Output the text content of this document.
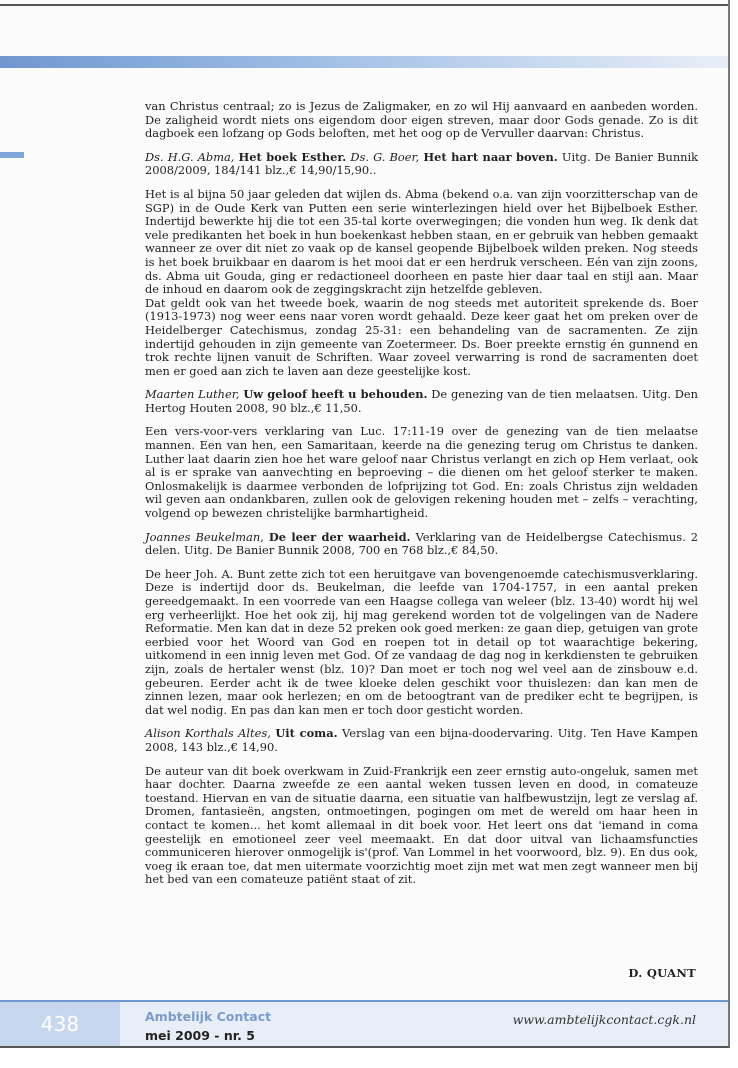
van Christus centraal; zo is Jezus de Zaligmaker, en zo wil Hij aanvaard en aanbeden worden. De zaligheid wordt niets ons eigendom door eigen streven, maar door Gods genade. Zo is dit dagboek een lofzang op Gods beloften, met het oog op de Vervuller daarvan: Christus.

Ds. H.G. Abma, Het boek Esther. Ds. G. Boer, Het hart naar boven. Uitg. De Banier Bunnik 2008/2009, 184/141 blz.,€ 14,90/15,90..

Het is al bijna 50 jaar geleden dat wijlen ds. Abma (bekend o.a. van zijn voorzitterschap van de SGP) in de Oude Kerk van Putten een serie winterlezingen hield over het Bijbelboek Esther. Indertijd bewerkte hij die tot een 35-tal korte overwegingen; die vonden hun weg. Ik denk dat vele predikanten het boek in hun boekenkast hebben staan, en er gebruik van hebben gemaakt wanneer ze over dit niet zo vaak op de kansel geopende Bijbelboek wilden preken. Nog steeds is het boek bruikbaar en daarom is het mooi dat er een herdruk verscheen. Eén van zijn zoons, ds. Abma uit Gouda, ging er redactioneel doorheen en paste hier daar taal en stijl aan. Maar de inhoud en daarom ook de zeggingskracht zijn hetzelfde gebleven.

Dat geldt ook van het tweede boek, waarin de nog steeds met autoriteit sprekende ds. Boer (1913-1973) nog weer eens naar voren wordt gehaald. Deze keer gaat het om preken over de Heidelberger Catechismus, zondag 25-31: een behandeling van de sacramenten. Ze zijn indertijd gehouden in zijn gemeente van Zoetermeer. Ds. Boer preekte ernstig én gunnend en trok rechte lijnen vanuit de Schriften. Waar zoveel verwarring is rond de sacramenten doet men er goed aan zich te laven aan deze geestelijke kost.

Maarten Luther, Uw geloof heeft u behouden. De genezing van de tien melaatsen. Uitg. Den Hertog Houten 2008, 90 blz.,€ 11,50.

Een vers-voor-vers verklaring van Luc. 17:11-19 over de genezing van de tien melaatse mannen. Een van hen, een Samaritaan, keerde na die genezing terug om Christus te danken. Luther laat daarin zien hoe het ware geloof naar Christus verlangt en zich op Hem verlaat, ook al is er sprake van aanvechting en beproeving – die dienen om het geloof sterker te maken. Onlosmakelijk is daarmee verbonden de lofprijzing tot God. En: zoals Christus zijn weldaden wil geven aan ondankbaren, zullen ook de gelovigen rekening houden met – zelfs – verachting, volgend op bewezen christelijke barmhartigheid.

Joannes Beukelman, De leer der waarheid. Verklaring van de Heidelbergse Catechismus. 2 delen. Uitg. De Banier Bunnik 2008, 700 en 768 blz.,€ 84,50.

De heer Joh. A. Bunt zette zich tot een heruitgave van bovengenoemde catechismusverklaring. Deze is indertijd door ds. Beukelman, die leefde van 1704-1757, in een aantal preken gereedgemaakt. In een voorrede van een Haagse collega van weleer (blz. 13-40) wordt hij wel erg verheerlijkt. Hoe het ook zij, hij mag gerekend worden tot de volgelingen van de Nadere Reformatie. Men kan dat in deze 52 preken ook goed merken: ze gaan diep, getuigen van grote eerbied voor het Woord van God en roepen tot in detail op tot waarachtige bekering, uitkomend in een innig leven met God. Of ze vandaag de dag nog in kerkdiensten te gebruiken zijn, zoals de hertaler wenst (blz. 10)? Dan moet er toch nog wel veel aan de zinsbouw e.d. gebeuren. Eerder acht ik de twee kloeke delen geschikt voor thuislezen: dan kan men de zinnen lezen, maar ook herlezen; en om de betoogtrant van de prediker echt te begrijpen, is dat wel nodig. En pas dan kan men er toch door gesticht worden.

Alison Korthals Altes, Uit coma. Verslag van een bijna-doodervaring. Uitg. Ten Have Kampen 2008, 143 blz.,€ 14,90.

De auteur van dit boek overkwam in Zuid-Frankrijk een zeer ernstig auto-ongeluk, samen met haar dochter. Daarna zweefde ze een aantal weken tussen leven en dood, in comateuze toestand. Hiervan en van de situatie daarna, een situatie van halfbewustzijn, legt ze verslag af. Dromen, fantasieën, angsten, ontmoetingen, pogingen om met de wereld om haar heen in contact te komen... het komt allemaal in dit boek voor. Het leert ons dat 'iemand in coma geestelijk en emotioneel zeer veel meemaakt. En dat door uitval van lichaamsfuncties communiceren hierover onmogelijk is'(prof. Van Lommel in het voorwoord, blz. 9). En dus ook, voeg ik eraan toe, dat men uitermate voorzichtig moet zijn met wat men zegt wanneer men bij het bed van een comateuze patiënt staat of zit.

D. QUANT
438	Ambtelijk Contact
mei 2009 - nr. 5
www.ambtelijkcontact.cgk.nl
